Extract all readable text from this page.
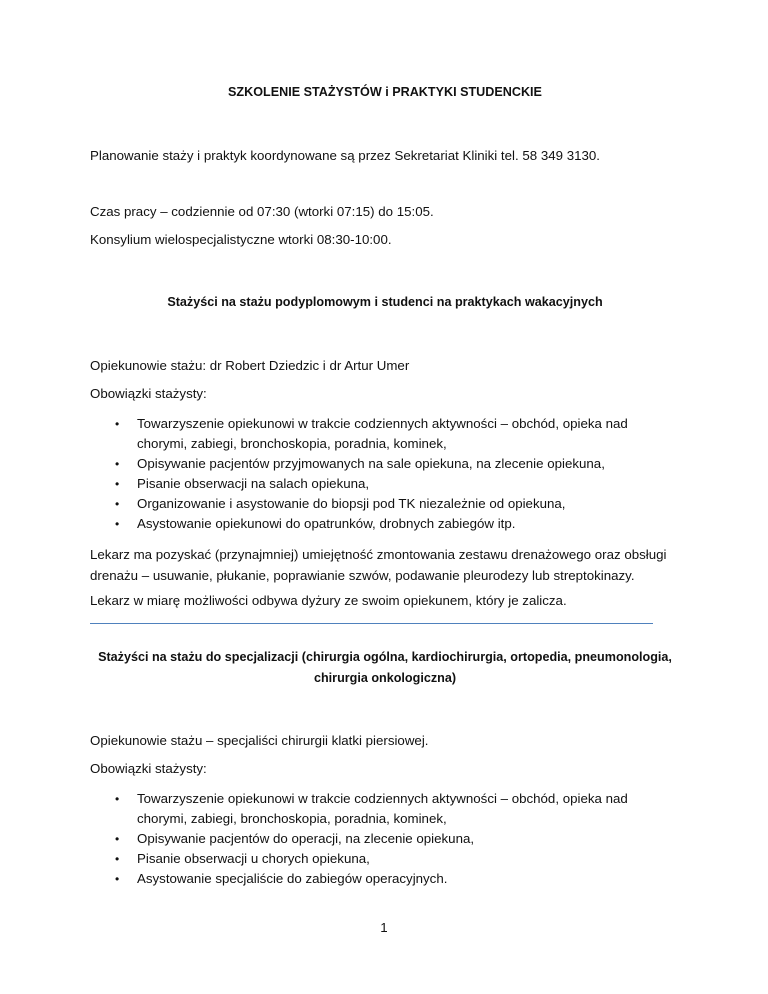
SZKOLENIE STAŻYSTÓW i PRAKTYKI STUDENCKIE

Planowanie staży i praktyk koordynowane są przez Sekretariat Kliniki tel. 58 349 3130.

Czas pracy – codziennie od 07:30 (wtorki 07:15) do 15:05.

Konsylium wielospecjalistyczne wtorki 08:30-10:00.

Stażyści na stażu podyplomowym i studenci na praktykach wakacyjnych

Opiekunowie stażu: dr Robert Dziedzic i dr Artur Umer

Obowiązki stażysty:

• Towarzyszenie opiekunowi w trakcie codziennych aktywności – obchód, opieka nad chorymi, zabiegi, bronchoskopia, poradnia, kominek,
• Opisywanie pacjentów przyjmowanych na sale opiekuna, na zlecenie opiekuna,
• Pisanie obserwacji na salach opiekuna,
• Organizowanie i asystowanie do biopsji pod TK niezależnie od opiekuna,
• Asystowanie opiekunowi do opatrunków, drobnych zabiegów itp.

Lekarz ma pozyskać (przynajmniej) umiejętność zmontowania zestawu drenażowego oraz obsługi drenażu – usuwanie, płukanie, poprawianie szwów, podawanie pleurodezy lub streptokinazy.

Lekarz w miarę możliwości odbywa dyżury ze swoim opiekunem, który je zalicza.

Stażyści na stażu do specjalizacji (chirurgia ogólna, kardiochirurgia, ortopedia, pneumonologia, chirurgia onkologiczna)

Opiekunowie stażu – specjaliści chirurgii klatki piersiowej.

Obowiązki stażysty:

• Towarzyszenie opiekunowi w trakcie codziennych aktywności – obchód, opieka nad chorymi, zabiegi, bronchoskopia, poradnia, kominek,
• Opisywanie pacjentów do operacji, na zlecenie opiekuna,
• Pisanie obserwacji u chorych opiekuna,
• Asystowanie specjaliście do zabiegów operacyjnych.
1
